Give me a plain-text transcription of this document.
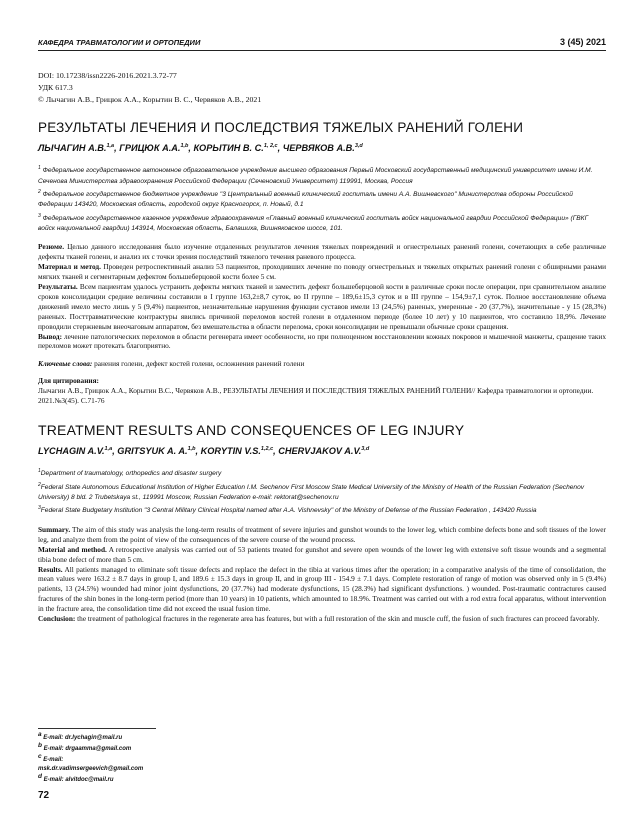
КАФЕДРА ТРАВМАТОЛОГИИ И ОРТОПЕДИИ	3 (45) 2021

DOI: 10.17238/issn2226-2016.2021.3.72-77

УДК 617.3

© Лычагин А.В., Грицюк А.А., Корытин В. С., Червяков А.В., 2021

РЕЗУЛЬТАТЫ ЛЕЧЕНИЯ И ПОСЛЕДСТВИЯ ТЯЖЕЛЫХ РАНЕНИЙ ГОЛЕНИ
ЛЫЧАГИН А.В.$^{1,a}$, ГРИЦЮК А.А.$^{1,b}$, КОРЫТИН В. С.$^{1, 2,c}$, ЧЕРВЯКОВ А.В.$^{3,d}$

$^1$ Федеральное государственное автономное образовательное учреждение высшего образования Первый Московский государственный медицинский университет имени И.М. Сеченова Министерства здравоохранения Российской Федерации (Сеченовский Университет) 119991, Москва, Россия

$^2$ Федеральное государственное бюджетное учреждение "3 Центральный военный клинический госпиталь имени А.А. Вишневского" Министерства обороны Российской Федерации 143420, Московская область, городской округ Красногорск, п. Новый, д.1

$^3$ Федеральное государственное казенное учреждение здравоохранения «Главный военный клинический госпиталь войск национальной гвардии Российской Федерации» (ГВКГ войск национальной гвардии) 143914, Московская область, Балашиха, Вишняковское шоссе, 101.

Резюме. Целью данного исследования было изучение отдаленных результатов лечения тяжелых повреждений и огнестрельных ранений голени, сочетающих в себе различные дефекты тканей голени, и анализ их с точки зрения последствий тяжелого течения раневого процесса.

Материал и метод. Проведен ретроспективный анализ 53 пациентов, проходивших лечение по поводу огнестрельных и тяжелых открытых ранений голени с обширными ранами мягких тканей и сегментарным дефектом большеберцовой кости более 5 см.

Результаты. Всем пациентам удалось устранить дефекты мягких тканей и заместить дефект большеберцовой кости в различные сроки после операции, при сравнительном анализе сроков консолидации средние величины составили в I группе 163,2±8,7 суток, во II группе – 189,6±15,3 суток и в III группе – 154,9±7,1 суток. Полное восстановление объема движений имело место лишь у 5 (9,4%) пациентов, незначительные нарушения функции суставов имели 13 (24,5%) раненых, умеренные - 20 (37,7%), значительные - у 15 (28,3%) раненых. Посттравматические контрактуры явились причиной переломов костей голени в отдаленном периоде (более 10 лет) у 10 пациентов, что составило 18,9%. Лечение проводили стержневым внеочаговым аппаратом, без вмешательства в области перелома, сроки консолидации не превышали обычные сроки сращения.

Вывод: лечение патологических переломов в области регенерата имеет особенности, но при полноценном восстановлении кожных покровов и мышечной манжеты, сращение таких переломов может протекать благоприятно.

Ключевые слова: ранения голени, дефект костей голени, осложнения ранений голени

Для цитирования:

Лычагин А.В., Грицюк А.А., Корытин В.С., Червяков А.В., РЕЗУЛЬТАТЫ ЛЕЧЕНИЯ И ПОСЛЕДСТВИЯ ТЯЖЕЛЫХ РАНЕНИЙ ГОЛЕНИ// Кафедра травматологии и ортопедии. 2021.№3(45). С.71-76

TREATMENT RESULTS AND CONSEQUENCES OF LEG INJURY
LYCHAGIN A.V.$^{1,a}$, GRITSYUK A. A.$^{1,b}$, KORYTIN V.S.$^{1,2,c}$, CHERVJAKOV A.V.$^{3,d}$

$^1$Department of traumatology, orthopedics and disaster surgery

$^2$Federal State Autonomous Educational Institution of Higher Education I.M. Sechenov First Moscow State Medical University of the Ministry of Health of the Russian Federation (Sechenov University) 8 bld. 2 Trubetskaya st., 119991 Moscow, Russian Federation e-mail: rektorat@sechenov.ru

$^3$Federal State Budgetary Institution "3 Central Military Clinical Hospital named after A.A. Vishnevsky" of the Ministry of Defense of the Russian Federation , 143420 Russia

Summary. The aim of this study was analysis the long-term results of treatment of severe injuries and gunshot wounds to the lower leg, which combine defects bone and soft tissues of the lower leg, and analyze them from the point of view of the consequences of the severe course of the wound process.

Material and method. A retrospective analysis was carried out of 53 patients treated for gunshot and severe open wounds of the lower leg with extensive soft tissue wounds and a segmental tibia bone defect of more than 5 cm.

Results. All patients managed to eliminate soft tissue defects and replace the defect in the tibia at various times after the operation; in a comparative analysis of the time of consolidation, the mean values were 163.2 ± 8.7 days in group I, and 189.6 ± 15.3 days in group II, and in group III - 154.9 ± 7.1 days. Complete restoration of range of motion was observed only in 5 (9.4%) patients, 13 (24.5%) wounded had minor joint dysfunctions, 20 (37.7%) had moderate dysfunctions, 15 (28.3%) had significant dysfunctions. ) wounded. Post-traumatic contractures caused fractures of the shin bones in the long-term period (more than 10 years) in 10 patients, which amounted to 18.9%. Treatment was carried out with a rod extra focal apparatus, without intervention in the fracture area, the consolidation time did not exceed the usual fusion time.

Conclusion: the treatment of pathological fractures in the regenerate area has features, but with a full restoration of the skin and muscle cuff, the fusion of such fractures can proceed favorably.

$^a$ E-mail: dr.lychagin@mail.ru

$^b$ E-mail: drgaamma@gmail.com

$^c$ E-mail: msk.dr.vadimsergeevich@gmail.com

$^d$ E-mail: alvitdoc@mail.ru

72
